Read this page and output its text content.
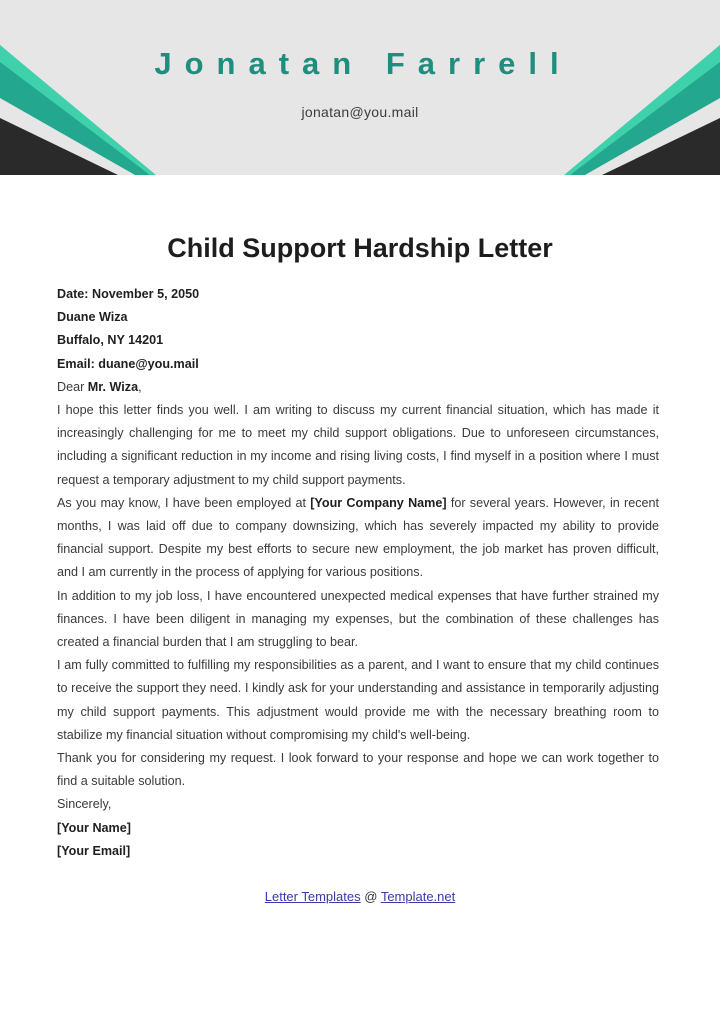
Jonatan Farrell
jonatan@you.mail
Child Support Hardship Letter
Date: November 5, 2050
Duane Wiza
Buffalo, NY 14201
Email: duane@you.mail
Dear Mr. Wiza,
I hope this letter finds you well. I am writing to discuss my current financial situation, which has made it increasingly challenging for me to meet my child support obligations. Due to unforeseen circumstances, including a significant reduction in my income and rising living costs, I find myself in a position where I must request a temporary adjustment to my child support payments.
As you may know, I have been employed at [Your Company Name] for several years. However, in recent months, I was laid off due to company downsizing, which has severely impacted my ability to provide financial support. Despite my best efforts to secure new employment, the job market has proven difficult, and I am currently in the process of applying for various positions.
In addition to my job loss, I have encountered unexpected medical expenses that have further strained my finances. I have been diligent in managing my expenses, but the combination of these challenges has created a financial burden that I am struggling to bear.
I am fully committed to fulfilling my responsibilities as a parent, and I want to ensure that my child continues to receive the support they need. I kindly ask for your understanding and assistance in temporarily adjusting my child support payments. This adjustment would provide me with the necessary breathing room to stabilize my financial situation without compromising my child's well-being.
Thank you for considering my request. I look forward to your response and hope we can work together to find a suitable solution.
Sincerely,
[Your Name]
[Your Email]
Letter Templates @ Template.net
